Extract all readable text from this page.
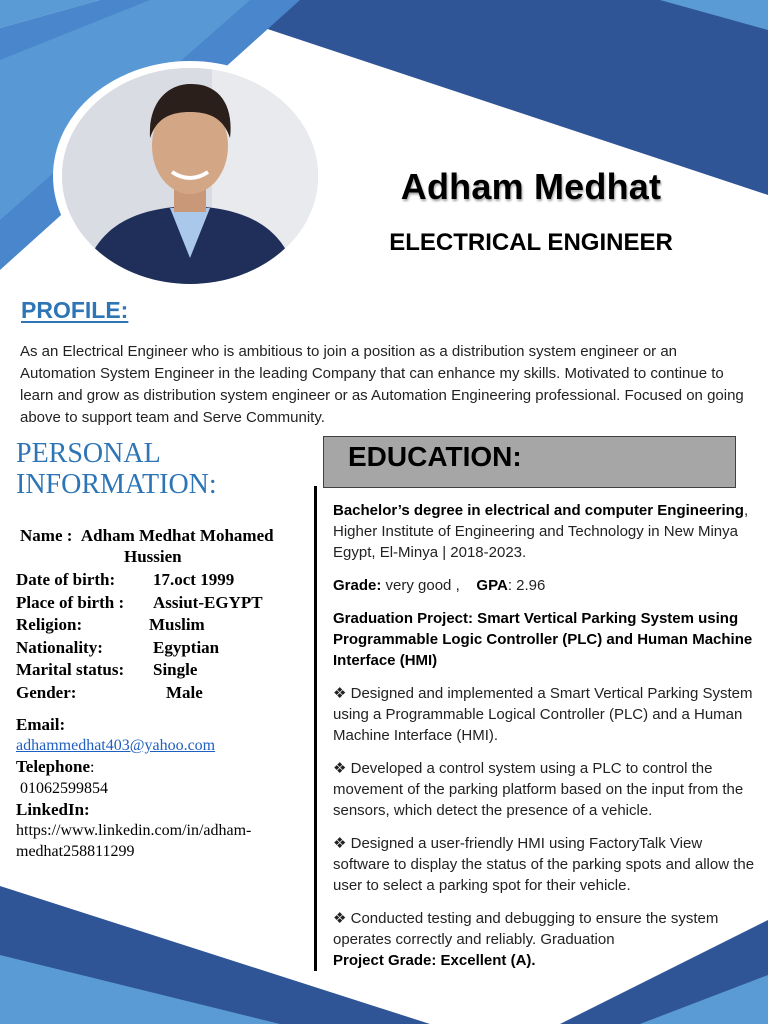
Adham Medhat
ELECTRICAL ENGINEER
PROFILE:
As an Electrical Engineer who is ambitious to join a position as a distribution system engineer or an Automation System Engineer in the leading Company that can enhance my skills. Motivated to continue to learn and grow as distribution system engineer or as Automation Engineering professional. Focused on going above to support team and Serve Community.
PERSONAL
INFORMATION:
Name : Adham Medhat Mohamed
Hussien
Date of birth: 17.oct 1999
Place of birth : Assiut-EGYPT
Religion:	Muslim
Nationality:	Egyptian
Marital status: Single
Gender:	Male
Email:
adhammedhat403@yahoo.com
Telephone:
01062599854
LinkedIn:
https://www.linkedin.com/in/adham-
medhat258811299
EDUCATION:

Bachelor’s degree in electrical and computer Engineering, Higher Institute of Engineering and Technology in New Minya Egypt, El-Minya | 2018-2023.

Grade: very good , GPA: 2.96

Graduation Project: Smart Vertical Parking System using Programmable Logic Controller (PLC) and Human Machine Interface (HMI)

❖ Designed and implemented a Smart Vertical Parking System using a Programmable Logical Controller (PLC) and a Human Machine Interface (HMI).

❖ Developed a control system using a PLC to control the movement of the parking platform based on the input from the sensors, which detect the presence of a vehicle.

❖ Designed a user-friendly HMI using FactoryTalk View software to display the status of the parking spots and allow the user to select a parking spot for their vehicle.

❖ Conducted testing and debugging to ensure the system operates correctly and reliably. Graduation
Project Grade: Excellent (A).
